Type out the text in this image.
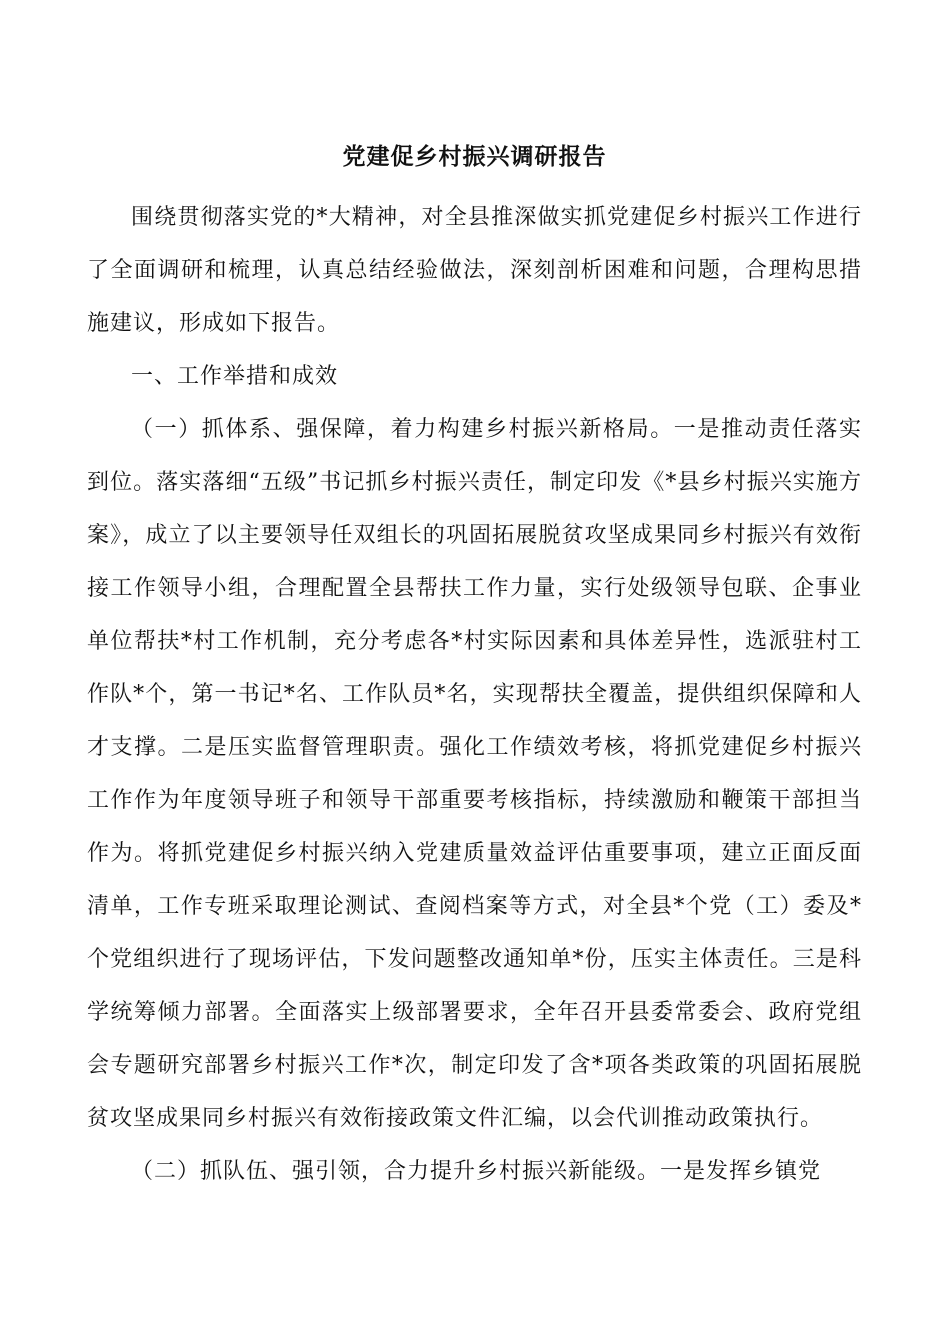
党建促乡村振兴调研报告

围绕贯彻落实党的*大精神，对全县推深做实抓党建促乡村振兴工作进行了全面调研和梳理，认真总结经验做法，深刻剖析困难和问题，合理构思措施建议，形成如下报告。

一、工作举措和成效

（一）抓体系、强保障，着力构建乡村振兴新格局。一是推动责任落实到位。落实落细“五级”书记抓乡村振兴责任，制定印发《*县乡村振兴实施方案》，成立了以主要领导任双组长的巩固拓展脱贫攻坚成果同乡村振兴有效衔接工作领导小组，合理配置全县帮扶工作力量，实行处级领导包联、企事业单位帮扶*村工作机制，充分考虑各*村实际因素和具体差异性，选派驻村工作队*个，第一书记*名、工作队员*名，实现帮扶全覆盖，提供组织保障和人才支撑。二是压实监督管理职责。强化工作绩效考核，将抓党建促乡村振兴工作作为年度领导班子和领导干部重要考核指标，持续激励和鞭策干部担当作为。将抓党建促乡村振兴纳入党建质量效益评估重要事项，建立正面反面清单，工作专班采取理论测试、查阅档案等方式，对全县*个党（工）委及*个党组织进行了现场评估，下发问题整改通知单*份，压实主体责任。三是科学统筹倾力部署。全面落实上级部署要求，全年召开县委常委会、政府党组会专题研究部署乡村振兴工作*次，制定印发了含*项各类政策的巩固拓展脱贫攻坚成果同乡村振兴有效衔接政策文件汇编，以会代训推动政策执行。

（二）抓队伍、强引领，合力提升乡村振兴新能级。一是发挥乡镇党
